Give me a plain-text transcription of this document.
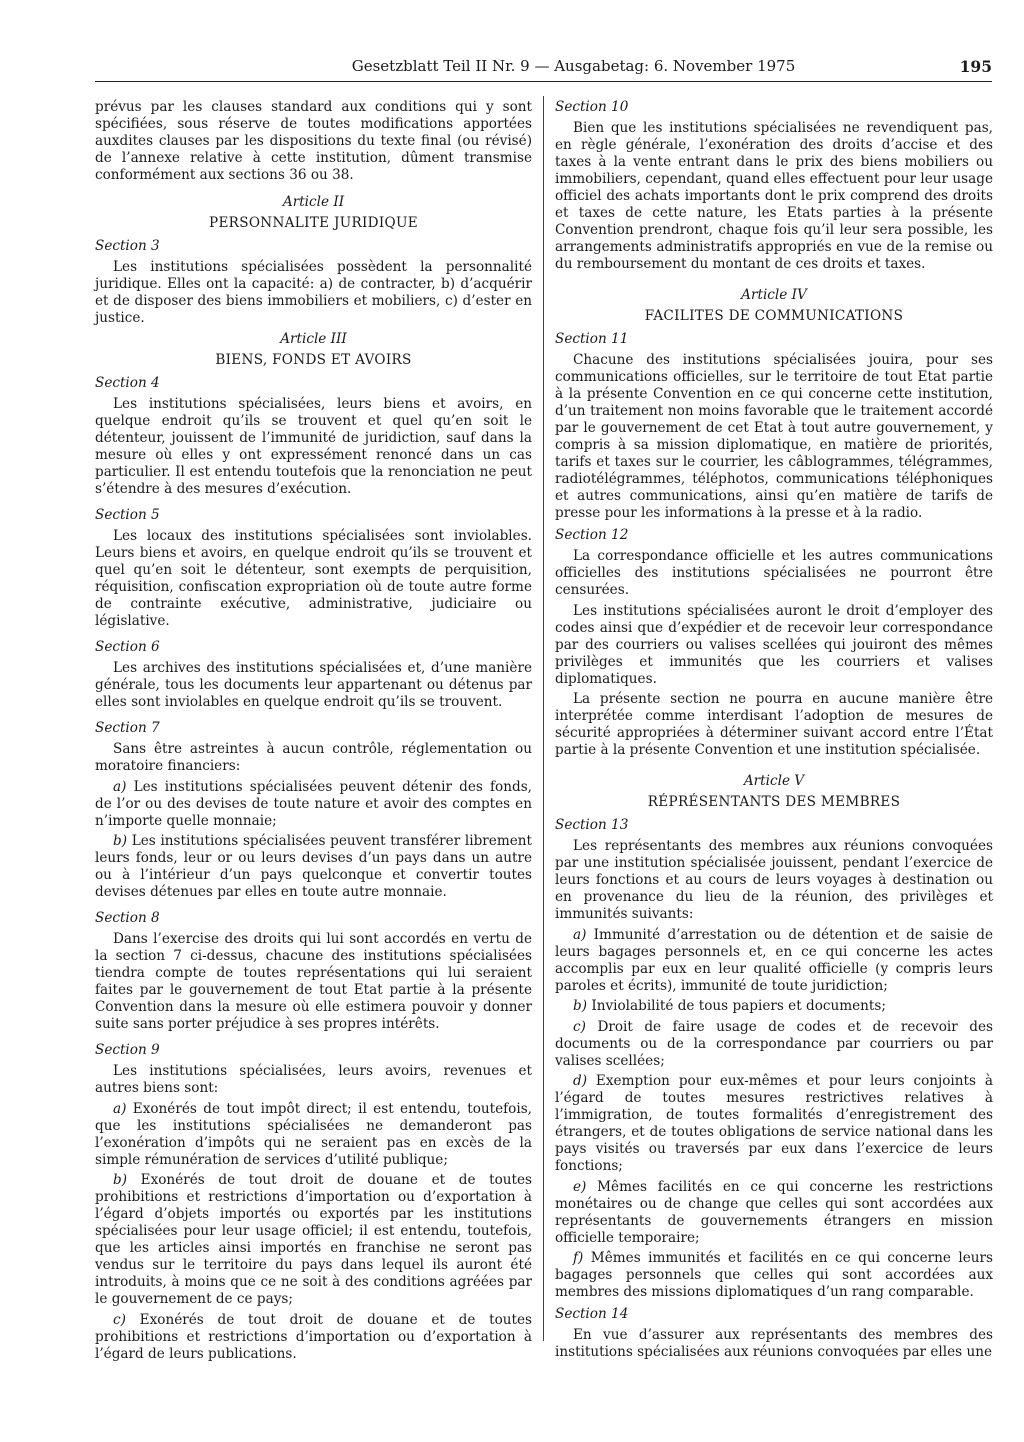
Gesetzblatt Teil II Nr. 9 — Ausgabetag: 6. November 1975	195

prévus par les clauses standard aux conditions qui y sont spécifiées, sous réserve de toutes modifications apportées auxdites clauses par les dispositions du texte final (ou révisé) de l’annexe relative à cette institution, dûment transmise conformément aux sections 36 ou 38.

Article II
PERSONNALITE JURIDIQUE
Section 3

Les institutions spécialisées possèdent la personnalité juridique. Elles ont la capacité: a) de contracter, b) d’acquérir et de disposer des biens immobiliers et mobiliers, c) d’ester en justice.

Article III
BIENS, FONDS ET AVOIRS
Section 4

Les institutions spécialisées, leurs biens et avoirs, en quelque endroit qu’ils se trouvent et quel qu’en soit le détenteur, jouissent de l’immunité de juridiction, sauf dans la mesure où elles y ont expressément renoncé dans un cas particulier. Il est entendu toutefois que la renonciation ne peut s’étendre à des mesures d’exécution.

Section 5

Les locaux des institutions spécialisées sont inviolables. Leurs biens et avoirs, en quelque endroit qu’ils se trouvent et quel qu’en soit le détenteur, sont exempts de perquisition, réquisition, confiscation expropriation où de toute autre forme de contrainte exécutive, administrative, judiciaire ou législative.

Section 6

Les archives des institutions spécialisées et, d’une manière générale, tous les documents leur appartenant ou détenus par elles sont inviolables en quelque endroit qu’ils se trouvent.

Section 7

Sans être astreintes à aucun contrôle, réglementation ou moratoire financiers:

a) Les institutions spécialisées peuvent détenir des fonds, de l’or ou des devises de toute nature et avoir des comptes en n’importe quelle monnaie;

b) Les institutions spécialisées peuvent transférer librement leurs fonds, leur or ou leurs devises d’un pays dans un autre ou à l’intérieur d’un pays quelconque et convertir toutes devises détenues par elles en toute autre monnaie.

Section 8

Dans l’exercise des droits qui lui sont accordés en vertu de la section 7 ci-dessus, chacune des institutions spécialisées tiendra compte de toutes représentations qui lui seraient faites par le gouvernement de tout Etat partie à la présente Convention dans la mesure où elle estimera pouvoir y donner suite sans porter préjudice à ses propres intérêts.

Section 9

Les institutions spécialisées, leurs avoirs, revenues et autres biens sont:

a) Exonérés de tout impôt direct; il est entendu, toutefois, que les institutions spécialisées ne demanderont pas l’exonération d’impôts qui ne seraient pas en excès de la simple rémunération de services d’utilité publique;

b) Exonérés de tout droit de douane et de toutes prohibitions et restrictions d’importation ou d’exportation à l’égard d’objets importés ou exportés par les institutions spécialisées pour leur usage officiel; il est entendu, toutefois, que les articles ainsi importés en franchise ne seront pas vendus sur le territoire du pays dans lequel ils auront été introduits, à moins que ce ne soit à des conditions agréées par le gouvernement de ce pays;

c) Exonérés de tout droit de douane et de toutes prohibitions et restrictions d’importation ou d’exportation à l’égard de leurs publications.

Section 10

Bien que les institutions spécialisées ne revendiquent pas, en règle générale, l’exonération des droits d’accise et des taxes à la vente entrant dans le prix des biens mobiliers ou immobiliers, cependant, quand elles effectuent pour leur usage officiel des achats importants dont le prix comprend des droits et taxes de cette nature, les Etats parties à la présente Convention prendront, chaque fois qu’il leur sera possible, les arrangements administratifs appropriés en vue de la remise ou du remboursement du montant de ces droits et taxes.

Article IV
FACILITES DE COMMUNICATIONS
Section 11

Chacune des institutions spécialisées jouira, pour ses communications officielles, sur le territoire de tout Etat partie à la présente Convention en ce qui concerne cette institution, d’un traitement non moins favorable que le traitement accordé par le gouvernement de cet Etat à tout autre gouvernement, y compris à sa mission diplomatique, en matière de priorités, tarifs et taxes sur le courrier, les câblogrammes, télégrammes, radiotélégrammes, téléphotos, communications téléphoniques et autres communications, ainsi qu’en matière de tarifs de presse pour les informations à la presse et à la radio.

Section 12

La correspondance officielle et les autres communications officielles des institutions spécialisées ne pourront être censurées.

Les institutions spécialisées auront le droit d’employer des codes ainsi que d’expédier et de recevoir leur correspondance par des courriers ou valises scellées qui jouiront des mêmes privilèges et immunités que les courriers et valises diplomatiques.

La présente section ne pourra en aucune manière être interprétée comme interdisant l’adoption de mesures de sécurité appropriées à déterminer suivant accord entre l’État partie à la présente Convention et une institution spécialisée.

Article V
RÉPRÉSENTANTS DES MEMBRES
Section 13

Les représentants des membres aux réunions convoquées par une institution spécialisée jouissent, pendant l’exercice de leurs fonctions et au cours de leurs voyages à destination ou en provenance du lieu de la réunion, des privilèges et immunités suivants:

a) Immunité d’arrestation ou de détention et de saisie de leurs bagages personnels et, en ce qui concerne les actes accomplis par eux en leur qualité officielle (y compris leurs paroles et écrits), immunité de toute juridiction;

b) Inviolabilité de tous papiers et documents;

c) Droit de faire usage de codes et de recevoir des documents ou de la correspondance par courriers ou par valises scellées;

d) Exemption pour eux-mêmes et pour leurs conjoints à l’égard de toutes mesures restrictives relatives à l’immigration, de toutes formalités d’enregistrement des étrangers, et de toutes obligations de service national dans les pays visités ou traversés par eux dans l’exercice de leurs fonctions;

e) Mêmes facilités en ce qui concerne les restrictions monétaires ou de change que celles qui sont accordées aux représentants de gouvernements étrangers en mission officielle temporaire;

f) Mêmes immunités et facilités en ce qui concerne leurs bagages personnels que celles qui sont accordées aux membres des missions diplomatiques d’un rang comparable.

Section 14

En vue d’assurer aux représentants des membres des institutions spécialisées aux réunions convoquées par elles une
